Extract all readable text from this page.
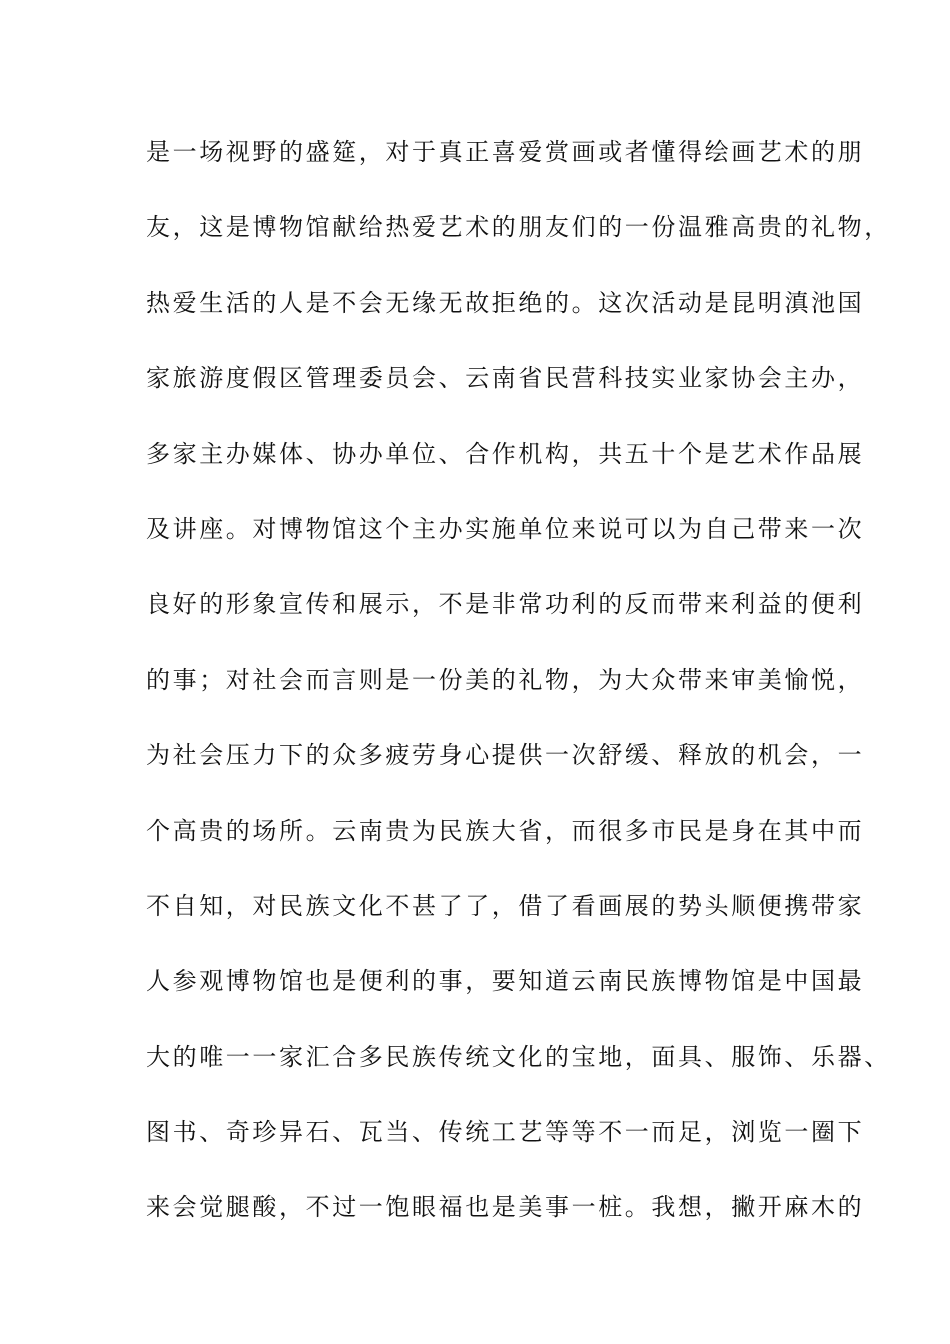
是一场视野的盛筵，对于真正喜爱赏画或者懂得绘画艺术的朋
友，这是博物馆献给热爱艺术的朋友们的一份温雅高贵的礼物，
热爱生活的人是不会无缘无故拒绝的。这次活动是昆明滇池国
家旅游度假区管理委员会、云南省民营科技实业家协会主办，
多家主办媒体、协办单位、合作机构，共五十个是艺术作品展
及讲座。对博物馆这个主办实施单位来说可以为自己带来一次
良好的形象宣传和展示，不是非常功利的反而带来利益的便利
的事；对社会而言则是一份美的礼物，为大众带来审美愉悦，
为社会压力下的众多疲劳身心提供一次舒缓、释放的机会，一
个高贵的场所。云南贵为民族大省，而很多市民是身在其中而
不自知，对民族文化不甚了了，借了看画展的势头顺便携带家
人参观博物馆也是便利的事，要知道云南民族博物馆是中国最
大的唯一一家汇合多民族传统文化的宝地，面具、服饰、乐器、
图书、奇珍异石、瓦当、传统工艺等等不一而足，浏览一圈下
来会觉腿酸，不过一饱眼福也是美事一桩。我想，撇开麻木的
